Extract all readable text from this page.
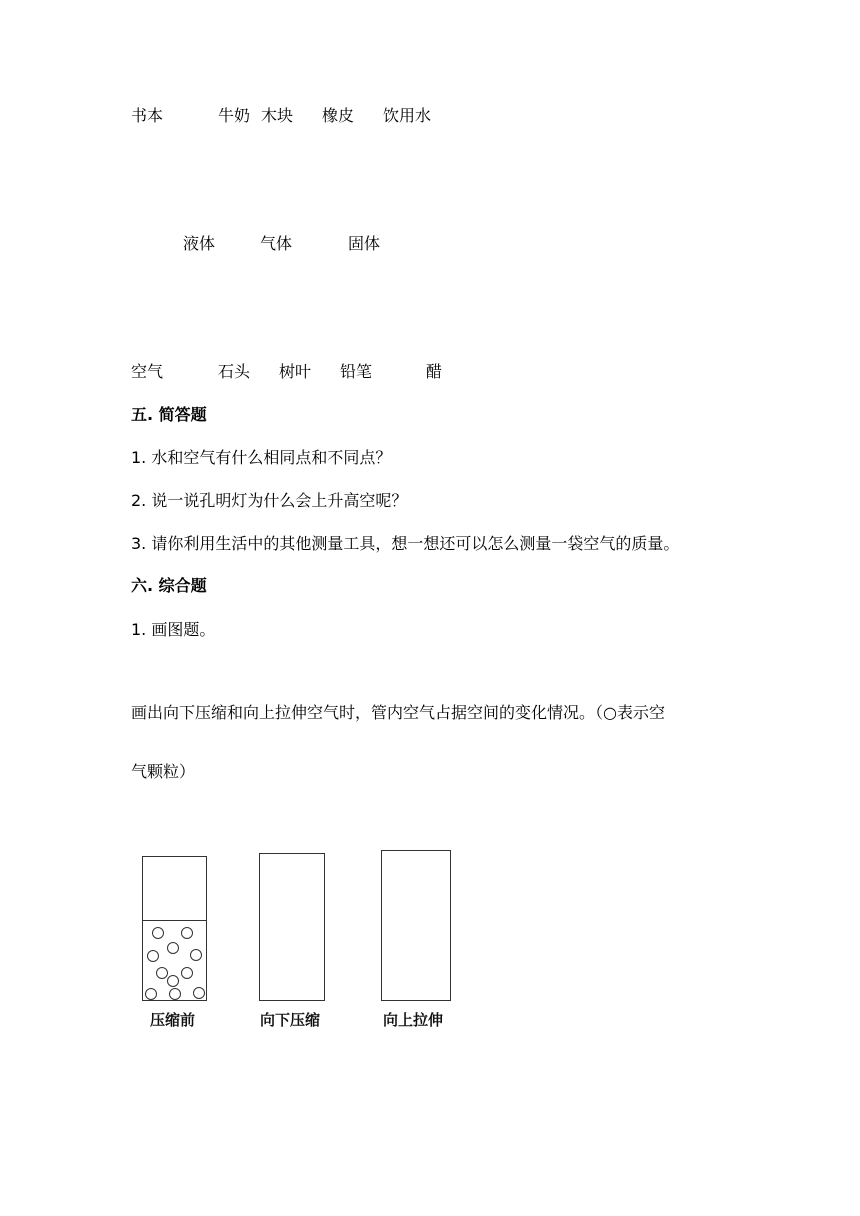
书本	牛奶 木块 橡皮 饮用水
液体	气体	固体
空气	石头 树叶 铅笔	醋
五. 简答题
1. 水和空气有什么相同点和不同点？
2. 说一说孔明灯为什么会上升高空呢？
3. 请你利用生活中的其他测量工具，想一想还可以怎么测量一袋空气的质量。
六. 综合题
1. 画图题。
画出向下压缩和向上拉伸空气时，管内空气占据空间的变化情况。（○表示空
气颗粒）
压缩前	向下压缩	向上拉伸
